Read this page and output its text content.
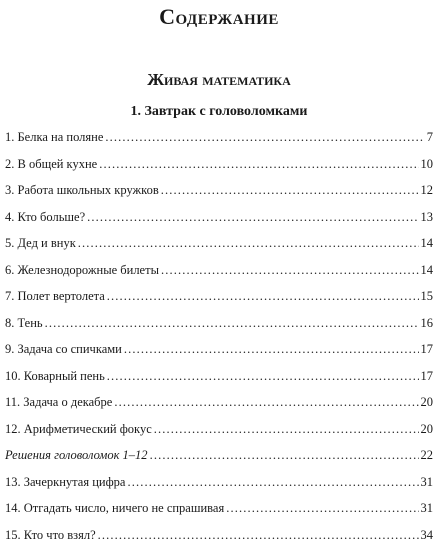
Содержание
Живая математика
1. Завтрак с головоломками
1. Белка на поляне . . .	7
2. В общей кухне . . .	10
3. Работа школьных кружков . . .	12
4. Кто больше? . . .	13
5. Дед и внук . . .	14
6. Железнодорожные билеты . . .	14
7. Полет вертолета . . .	15
8. Тень . . .	16
9. Задача со спичками . . .	17
10. Коварный пень . . .	17
11. Задача о декабре . . .	20
12. Арифметический фокус . . .	20
Решения головоломок 1–12 . . .	22
13. Зачеркнутая цифра . . .	31
14. Отгадать число, ничего не спрашивая . . .	31
15. Кто что взял? . . .	34
